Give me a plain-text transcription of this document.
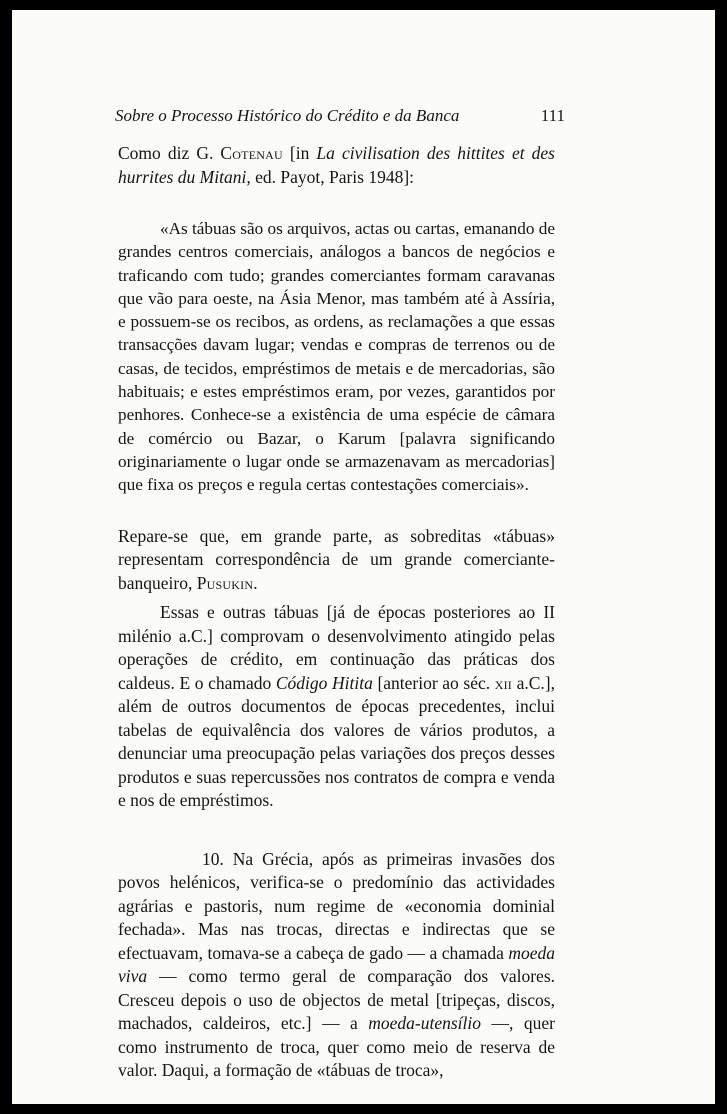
Sobre o Processo Histórico do Crédito e da Banca	111

Como diz G. Cotenau [in La civilisation des hittites et des hurrites du Mitani, ed. Payot, Paris 1948]:

«As tábuas são os arquivos, actas ou cartas, emanando de grandes centros comerciais, análogos a bancos de negócios e traficando com tudo; grandes comerciantes formam caravanas que vão para oeste, na Ásia Menor, mas também até à Assíria, e possuem-se os recibos, as ordens, as reclamações a que essas transacções davam lugar; vendas e compras de terrenos ou de casas, de tecidos, empréstimos de metais e de mercadorias, são habituais; e estes empréstimos eram, por vezes, garantidos por penhores. Conhece-se a existência de uma espécie de câmara de comércio ou Bazar, o Karum [palavra significando originariamente o lugar onde se armazenavam as mercadorias] que fixa os preços e regula certas contestações comerciais».

Repare-se que, em grande parte, as sobreditas «tábuas» representam correspondência de um grande comerciante-banqueiro, Pusukin.

Essas e outras tábuas [já de épocas posteriores ao II milénio a.C.] comprovam o desenvolvimento atingido pelas operações de crédito, em continuação das práticas dos caldeus. E o chamado Código Hitita [anterior ao séc. xii a.C.], além de outros documentos de épocas precedentes, inclui tabelas de equivalência dos valores de vários produtos, a denunciar uma preocupação pelas variações dos preços desses produtos e suas repercussões nos contratos de compra e venda e nos de empréstimos.

10. Na Grécia, após as primeiras invasões dos povos helénicos, verifica-se o predomínio das actividades agrárias e pastoris, num regime de «economia dominial fechada». Mas nas trocas, directas e indirectas que se efectuavam, tomava-se a cabeça de gado — a chamada moeda viva — como termo geral de comparação dos valores. Cresceu depois o uso de objectos de metal [tripeças, discos, machados, caldeiros, etc.] — a moeda-utensílio —, quer como instrumento de troca, quer como meio de reserva de valor. Daqui, a formação de «tábuas de troca»,
